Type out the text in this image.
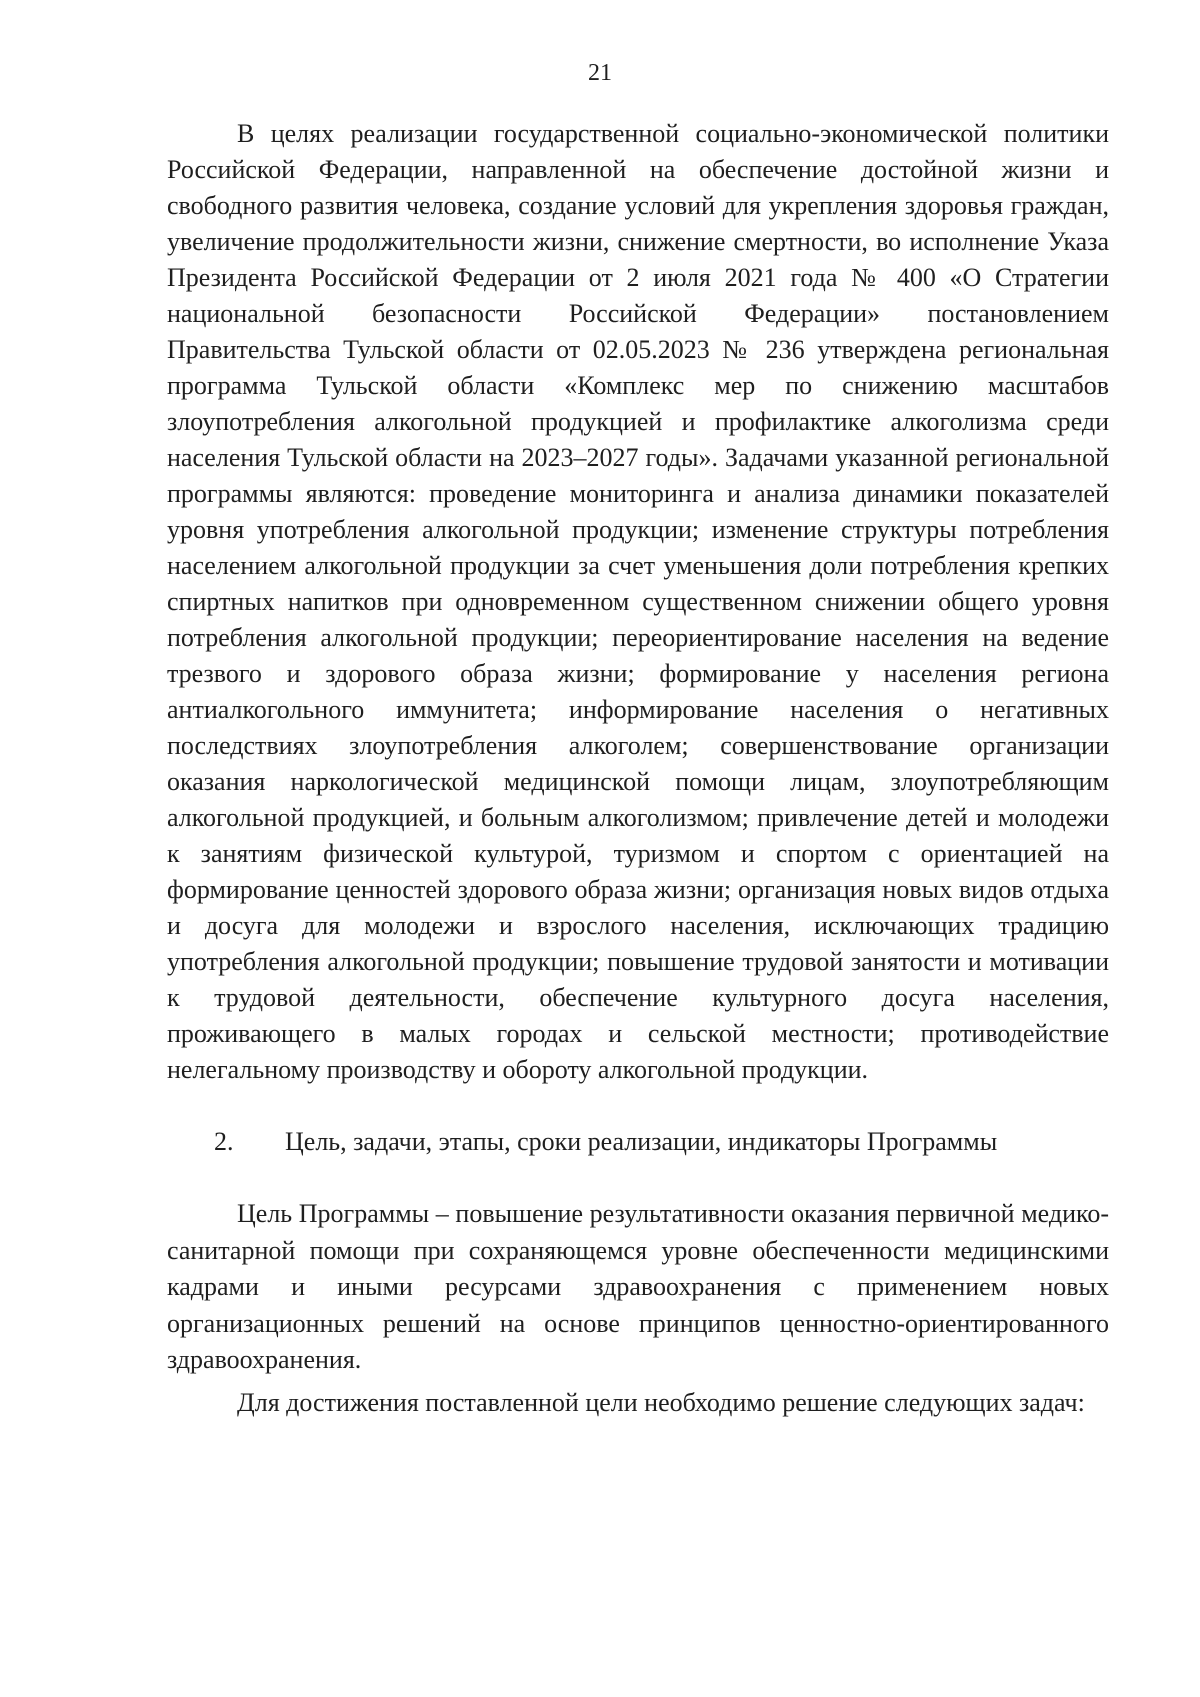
21

В целях реализации государственной социально-экономической политики Российской Федерации, направленной на обеспечение достойной жизни и свободного развития человека, создание условий для укрепления здоровья граждан, увеличение продолжительности жизни, снижение смертности, во исполнение Указа Президента Российской Федерации от 2 июля 2021 года № 400 «О Стратегии национальной безопасности Российской Федерации» постановлением Правительства Тульской области от 02.05.2023 № 236 утверждена региональная программа Тульской области «Комплекс мер по снижению масштабов злоупотребления алкогольной продукцией и профилактике алкоголизма среди населения Тульской области на 2023–2027 годы». Задачами указанной региональной программы являются: проведение мониторинга и анализа динамики показателей уровня употребления алкогольной продукции; изменение структуры потребления населением алкогольной продукции за счет уменьшения доли потребления крепких спиртных напитков при одновременном существенном снижении общего уровня потребления алкогольной продукции; переориентирование населения на ведение трезвого и здорового образа жизни; формирование у населения региона антиалкогольного иммунитета; информирование населения о негативных последствиях злоупотребления алкоголем; совершенствование организации оказания наркологической медицинской помощи лицам, злоупотребляющим алкогольной продукцией, и больным алкоголизмом; привлечение детей и молодежи к занятиям физической культурой, туризмом и спортом с ориентацией на формирование ценностей здорового образа жизни; организация новых видов отдыха и досуга для молодежи и взрослого населения, исключающих традицию употребления алкогольной продукции; повышение трудовой занятости и мотивации к трудовой деятельности, обеспечение культурного досуга населения, проживающего в малых городах и сельской местности; противодействие нелегальному производству и обороту алкогольной продукции.

2.	Цель, задачи, этапы, сроки реализации, индикаторы Программы

Цель Программы – повышение результативности оказания первичной медико-санитарной помощи при сохраняющемся уровне обеспеченности медицинскими кадрами и иными ресурсами здравоохранения с применением новых организационных решений на основе принципов ценностно-ориентированного здравоохранения.

Для достижения поставленной цели необходимо решение следующих задач:
